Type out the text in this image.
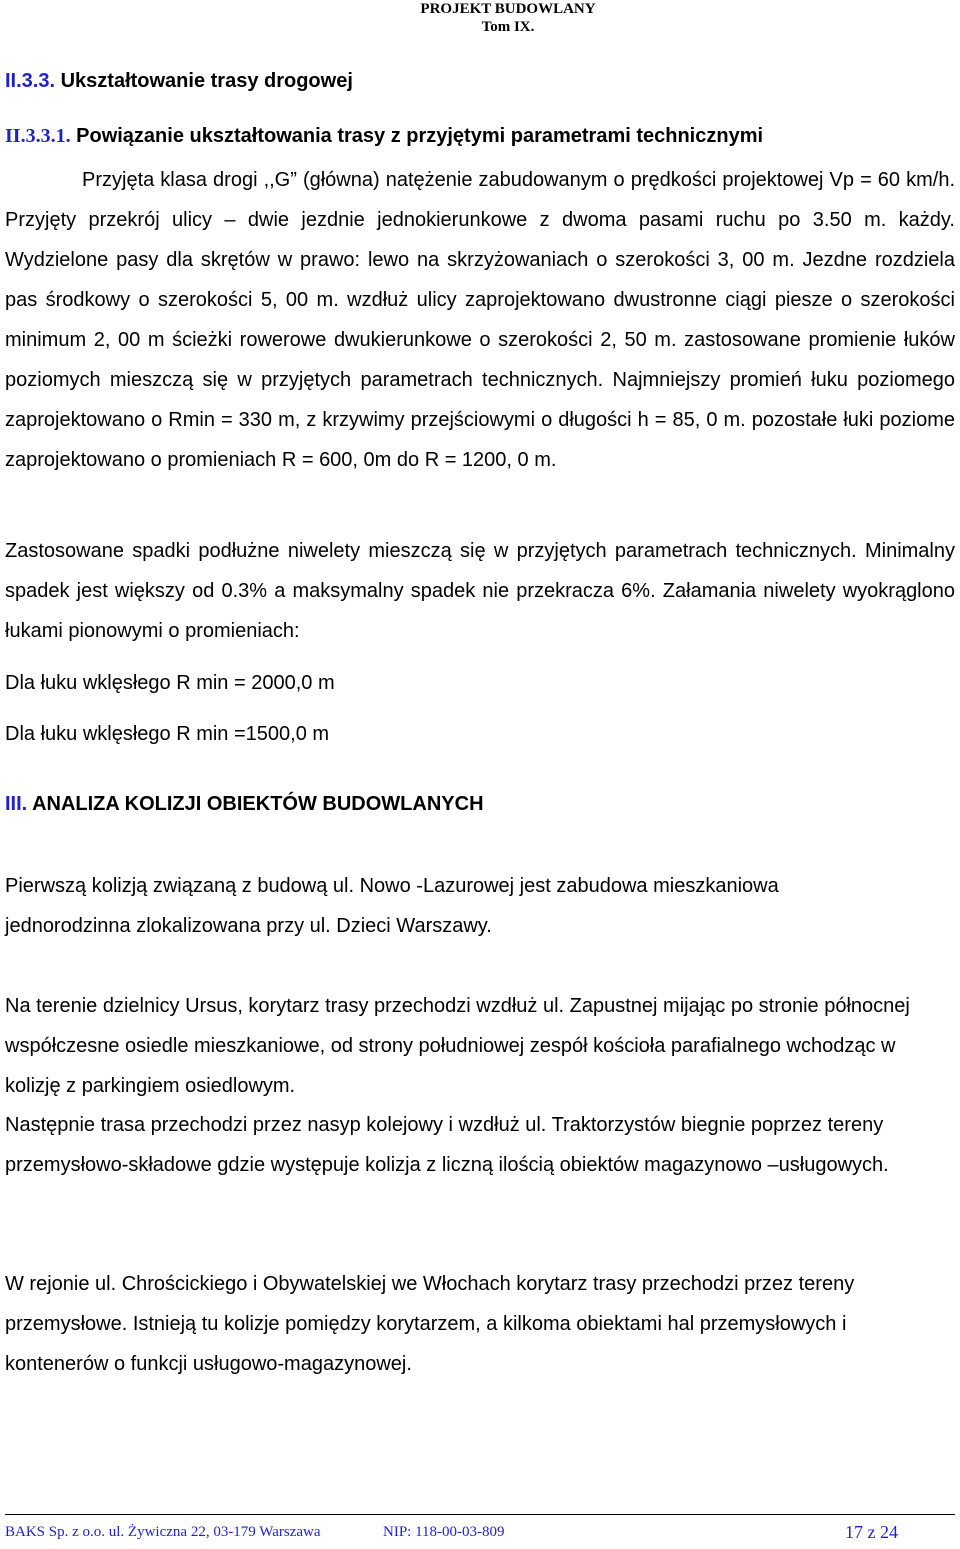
PROJEKT BUDOWLANY
Tom IX.
II.3.3. Ukształtowanie trasy drogowej
II.3.3.1. Powiązanie ukształtowania trasy z przyjętymi parametrami technicznymi

Przyjęta klasa drogi ,,G” (główna) natężenie zabudowanym o prędkości projektowej Vp = 60 km/h. Przyjęty przekrój ulicy – dwie jezdnie jednokierunkowe z dwoma pasami ruchu po 3.50 m. każdy. Wydzielone pasy dla skrętów w prawo: lewo na skrzyżowaniach o szerokości 3, 00 m. Jezdne rozdziela pas środkowy o szerokości 5, 00 m. wzdłuż ulicy zaprojektowano dwustronne ciągi piesze o szerokości minimum 2, 00 m ścieżki rowerowe dwukierunkowe o szerokości 2, 50 m. zastosowane promienie łuków poziomych mieszczą się w przyjętych parametrach technicznych. Najmniejszy promień łuku poziomego zaprojektowano o Rmin = 330 m, z krzywimy przejściowymi o długości h = 85, 0 m. pozostałe łuki poziome zaprojektowano o promieniach R = 600, 0m do R = 1200, 0 m.

Zastosowane spadki podłużne niwelety mieszczą się w przyjętych parametrach technicznych. Minimalny spadek jest większy od 0.3% a maksymalny spadek nie przekracza 6%. Załamania niwelety wyokrąglono łukami pionowymi o promieniach:

Dla łuku wklęsłego R min = 2000,0 m

Dla łuku wklęsłego R min =1500,0 m

III. ANALIZA KOLIZJI OBIEKTÓW BUDOWLANYCH

Pierwszą kolizją związaną z budową ul. Nowo -Lazurowej jest zabudowa mieszkaniowa jednorodzinna zlokalizowana przy ul. Dzieci Warszawy.

Na terenie dzielnicy Ursus, korytarz trasy przechodzi wzdłuż ul. Zapustnej mijając po stronie północnej współczesne osiedle mieszkaniowe, od strony południowej zespół kościoła parafialnego wchodząc w kolizję z parkingiem osiedlowym.

Następnie trasa przechodzi przez nasyp kolejowy i wzdłuż ul. Traktorzystów biegnie poprzez tereny przemysłowo-składowe gdzie występuje kolizja z liczną ilością obiektów magazynowo –usługowych.

W rejonie ul. Chrościckiego i Obywatelskiej we Włochach korytarz trasy przechodzi przez tereny przemysłowe. Istnieją tu kolizje pomiędzy korytarzem, a kilkoma obiektami hal przemysłowych i kontenerów o funkcji usługowo-magazynowej.

BAKS Sp. z o.o. ul. Żywiczna 22, 03-179 Warszawa	NIP: 118-00-03-809	17 z 24
